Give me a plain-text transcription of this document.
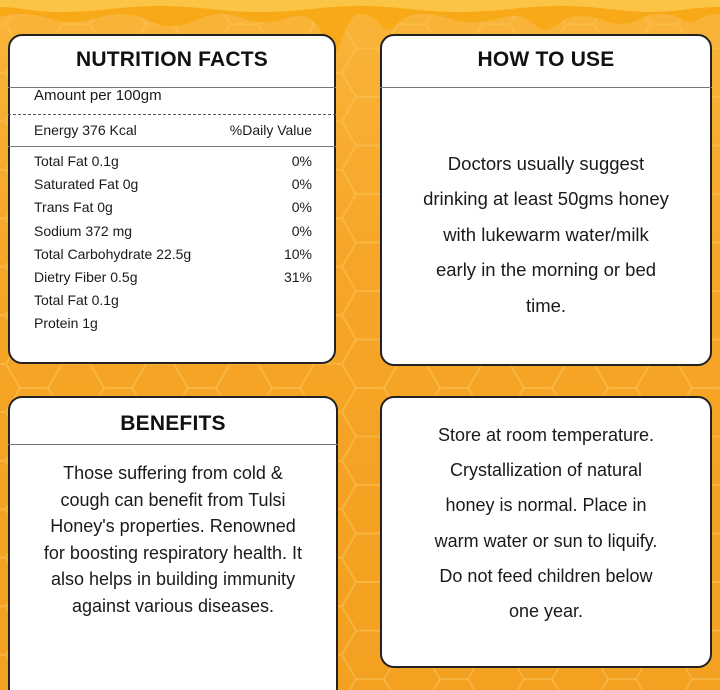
NUTRITION FACTS
Amount per 100gm
Energy 376 Kcal	%Daily Value
Total Fat 0.1g	0%
Saturated Fat 0g	0%
Trans Fat 0g	0%
Sodium 372 mg	0%
Total Carbohydrate 22.5g	10%
Dietry Fiber 0.5g	31%
Total Fat 0.1g
Protein 1g
HOW TO USE
Doctors usually suggest
drinking at least 50gms honey
with lukewarm water/milk
early in the morning or bed
time.
BENEFITS
Those suffering from cold &
cough can benefit from Tulsi
Honey's properties. Renowned
for boosting respiratory health. It
also helps in building immunity
against various diseases.
Store at room temperature.
Crystallization of natural
honey is normal. Place in
warm water or sun to liquify.
Do not feed children below
one year.
